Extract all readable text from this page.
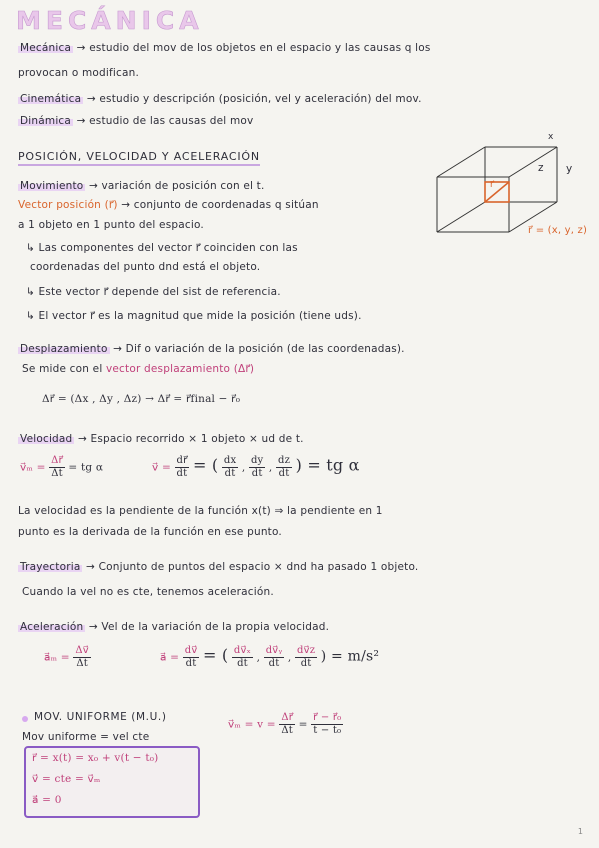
MECÁNICA
Mecánica → estudio del mov de los objetos en el espacio y las causas q los
provocan o modifican.
Cinemática → estudio y descripción (posición, vel y aceleración) del mov.
Dinámica → estudio de las causas del mov
POSICIÓN, VELOCIDAD Y ACELERACIÓN
x
y
z
r⃗
r⃗ = (x, y, z)
Movimiento → variación de posición con el t.
Vector posición (r⃗) → conjunto de coordenadas q sitúan
a 1 objeto en 1 punto del espacio.
↳ Las componentes del vector r⃗ coinciden con las
coordenadas del punto dnd está el objeto.
↳ Este vector r⃗ depende del sist de referencia.
↳ El vector r⃗ es la magnitud que mide la posición (tiene uds).
Desplazamiento → Dif o variación de la posición (de las coordenadas).
Se mide con el vector desplazamiento (Δr⃗)
Δr⃗ = (Δx , Δy , Δz) → Δr⃗ = r⃗final − r⃗₀
Velocidad → Espacio recorrido × 1 objeto × ud de t.
v⃗ₘ = $\frac{\Delta r⃗}{\Delta t}$ = tg α	v⃗ = $\frac{dr⃗}{dt}$ = ( $\frac{dx}{dt}$ , $\frac{dy}{dt}$ , $\frac{dz}{dt}$ ) = tg α
La velocidad es la pendiente de la función x(t) ⇒ la pendiente en 1
punto es la derivada de la función en ese punto.
Trayectoria → Conjunto de puntos del espacio × dnd ha pasado 1 objeto.
Cuando la vel no es cte, tenemos aceleración.
Aceleración → Vel de la variación de la propia velocidad.
a⃗ₘ = $\frac{\Delta v⃗}{\Delta t}$	a⃗ = $\frac{dv⃗}{dt}$ = ( $\frac{\text{dv⃗ₓ}}{dt}$ , $\frac{\text{dv⃗ᵧ}}{dt}$ , $\frac{dv⃗z}{dt}$ ) = m/s²
MOV. UNIFORME (M.U.)
Mov uniforme = vel cte
v⃗ₘ = $v = \frac{\Delta r⃗}{\Delta t} = \frac{\text{r⃗ − r⃗₀}}{\text{t − t₀}}$
r⃗ = x(t) = x₀ + v(t − t₀)
v⃗ = cte = v⃗ₘ
a⃗ = 0
1
